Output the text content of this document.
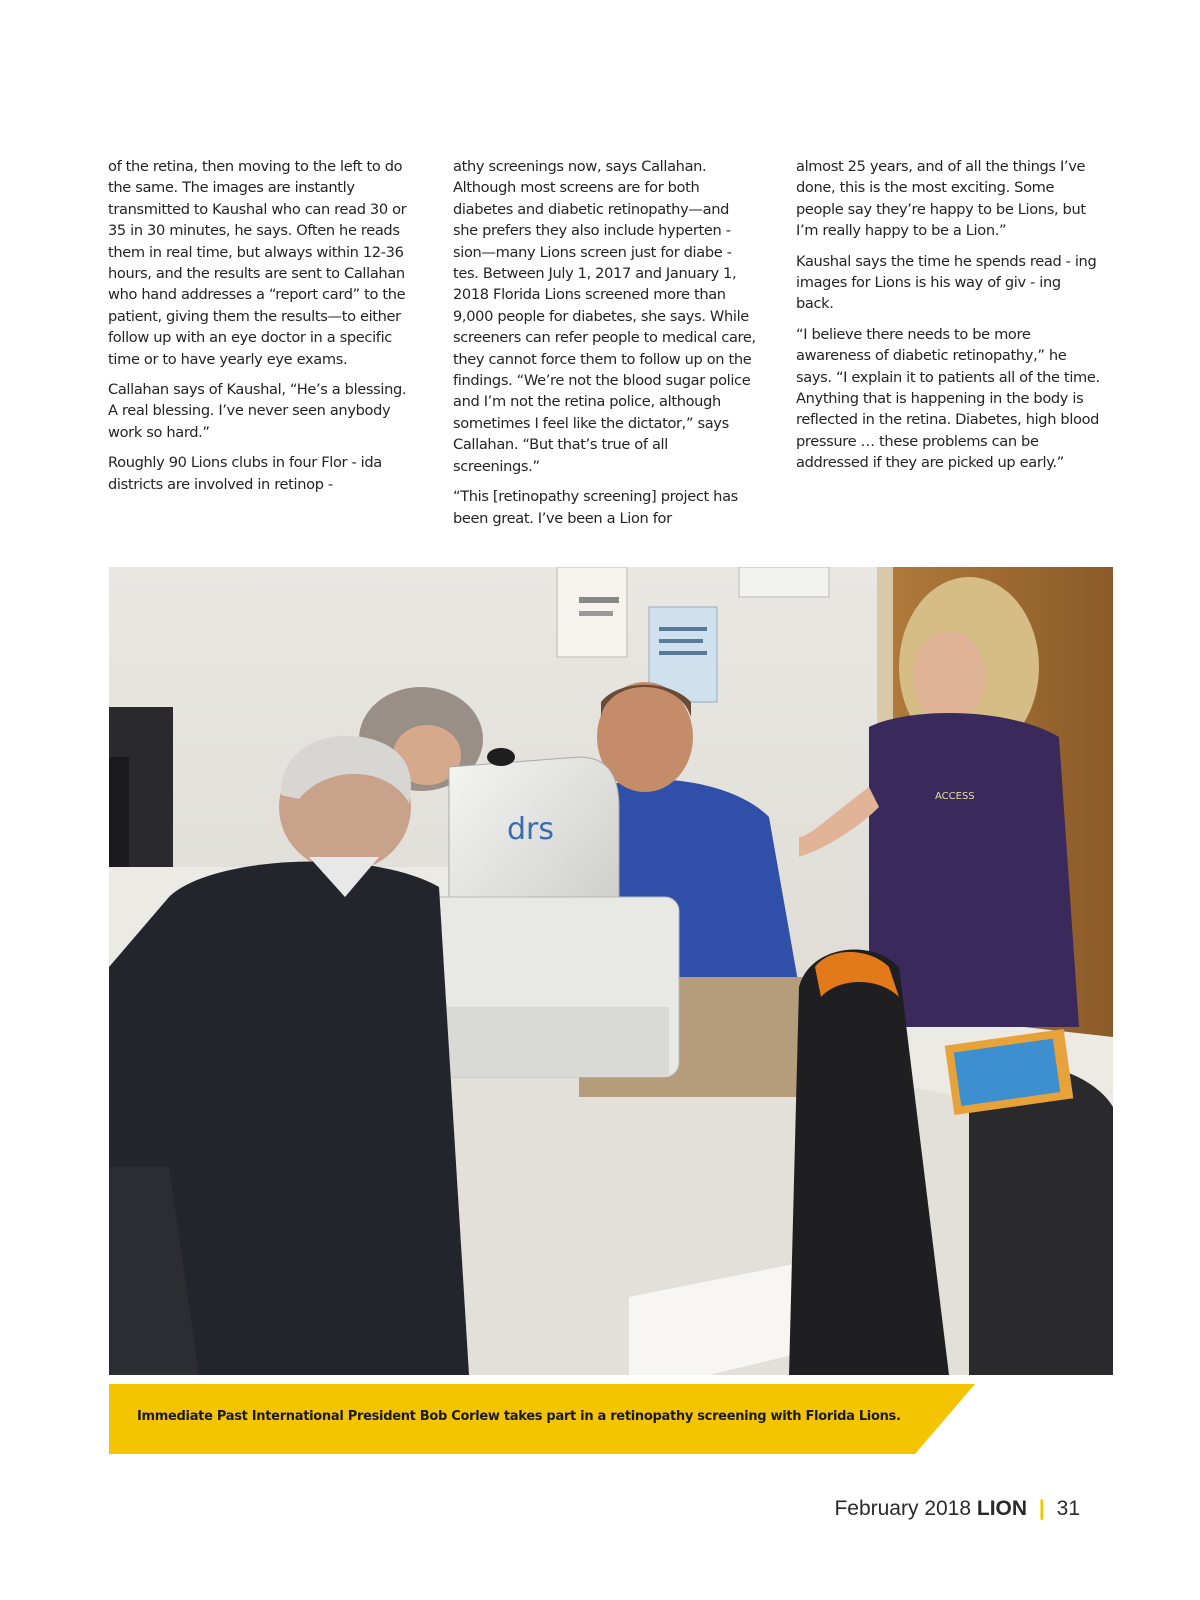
of the retina, then moving to the left to do the same. The images are instantly transmitted to Kaushal who can read 30 or 35 in 30 minutes, he says. Often he reads them in real time, but always within 12-36 hours, and the results are sent to Callahan who hand addresses a “report card” to the patient, giving them the results—to either follow up with an eye doctor in a specific time or to have yearly eye exams.

Callahan says of Kaushal, “He’s a blessing. A real blessing. I’ve never seen anybody work so hard.”

Roughly 90 Lions clubs in four Flor - ida districts are involved in retinop -

athy screenings now, says Callahan. Although most screens are for both diabetes and diabetic retinopathy—and she prefers they also include hyperten - sion—many Lions screen just for diabe - tes. Between July 1, 2017 and January 1, 2018 Florida Lions screened more than 9,000 people for diabetes, she says. While screeners can refer people to medical care, they cannot force them to follow up on the findings. “We’re not the blood sugar police and I’m not the retina police, although sometimes I feel like the dictator,” says Callahan. “But that’s true of all screenings.”

“This [retinopathy screening] project has been great. I’ve been a Lion for

almost 25 years, and of all the things I’ve done, this is the most exciting. Some people say they’re happy to be Lions, but I’m really happy to be a Lion.”

Kaushal says the time he spends read - ing images for Lions is his way of giv - ing back.

“I believe there needs to be more awareness of diabetic retinopathy,” he says. “I explain it to patients all of the time. Anything that is happening in the body is reflected in the retina. Diabetes, high blood pressure … these problems can be addressed if they are picked up early.”

drs
ACCESS
Immediate Past International President Bob Corlew takes part in a retinopathy screening with Florida Lions.
February 2018 LION | 31
